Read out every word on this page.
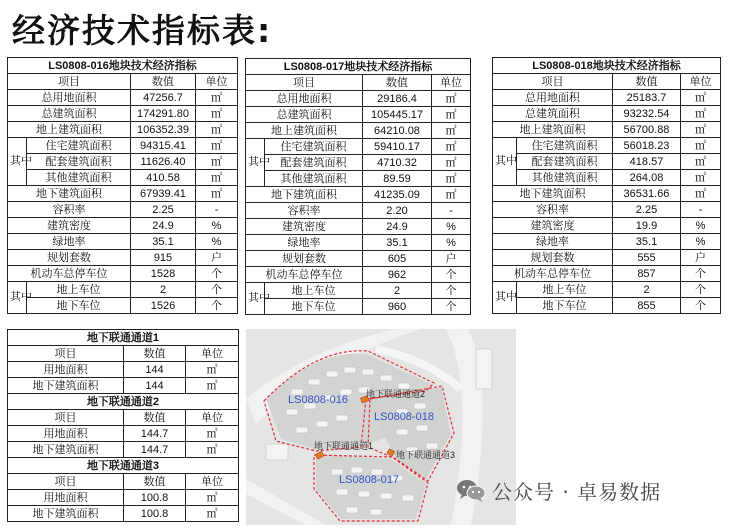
经济技术指标表:
LS0808-016地块技术经济指标			
项目		数值	单位
总用地面积		47256.7	㎡
总建筑面积		174291.80	㎡
地上建筑面积		106352.39	㎡
其中	住宅建筑面积	94315.41	㎡
	配套建筑面积	11626.40	㎡
	其他建筑面积	410.58	㎡
地下建筑面积		67939.41	㎡
容积率		2.25	-
建筑密度		24.9	%
绿地率		35.1	%
规划套数		915	户
机动车总停车位		1528	个
其中	地上车位	2	个
	地下车位	1526	个
LS0808-017地块技术经济指标			
项目		数值	单位
总用地面积		29186.4	㎡
总建筑面积		105445.17	㎡
地上建筑面积		64210.08	㎡
其中	住宅建筑面积	59410.17	㎡
	配套建筑面积	4710.32	㎡
	其他建筑面积	89.59	㎡
地下建筑面积		41235.09	㎡
容积率		2.20	-
建筑密度		24.9	%
绿地率		35.1	%
规划套数		605	户
机动车总停车位		962	个
其中	地上车位	2	个
	地下车位	960	个
LS0808-018地块技术经济指标			
项目		数值	单位
总用地面积		25183.7	㎡
总建筑面积		93232.54	㎡
地上建筑面积		56700.88	㎡
其中	住宅建筑面积	56018.23	㎡
	配套建筑面积	418.57	㎡
	其他建筑面积	264.08	㎡
地下建筑面积		36531.66	㎡
容积率		2.25	-
建筑密度		19.9	%
绿地率		35.1	%
规划套数		555	户
机动车总停车位		857	个
其中	地上车位	2	个
	地下车位	855	个
地下联通通道1		
项目	数值	单位
用地面积	144	㎡
地下建筑面积	144	㎡
地下联通通道2		
项目	数值	单位
用地面积	144.7	㎡
地下建筑面积	144.7	㎡
地下联通通道3		
项目	数值	单位
用地面积	100.8	㎡
地下建筑面积	100.8	㎡
LS0808-016
LS0808-018
LS0808-017
地下联通通道2
地下联通通道1
地下联通通道3
公众号 · 卓易数据
